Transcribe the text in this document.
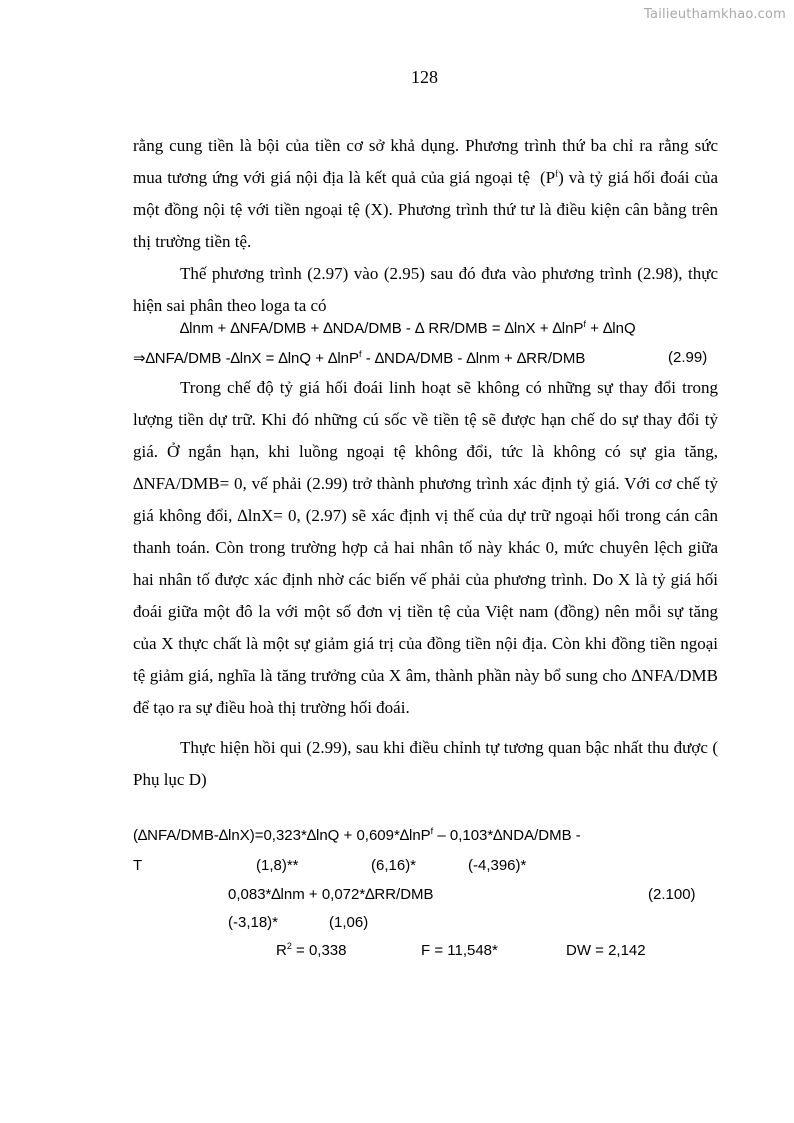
Tailieuthamkhao.com
128

rằng cung tiền là bội của tiền cơ sở khả dụng. Phương trình thứ ba chỉ ra rằng sức mua tương ứng với giá nội địa là kết quả của giá ngoại tệ $(P^f)$ và tỷ giá hối đoái của một đồng nội tệ với tiền ngoại tệ (X). Phương trình thứ tư là điều kiện cân bằng trên thị trường tiền tệ.

Thế phương trình (2.97) vào (2.95) sau đó đưa vào phương trình (2.98), thực hiện sai phân theo loga ta có

∆lnm + ∆NFA/DMB + ∆NDA/DMB - ∆ RR/DMB = ∆lnX + ∆lnP$^f$ + ∆lnQ
⇒∆NFA/DMB -∆lnX = ∆lnQ + ∆lnP$^f$ - ∆NDA/DMB - ∆lnm + ∆RR/DMB	(2.99)

Trong chế độ tỷ giá hối đoái linh hoạt sẽ không có những sự thay đổi trong lượng tiền dự trữ. Khi đó những cú sốc về tiền tệ sẽ được hạn chế do sự thay đổi tỷ giá. Ở ngắn hạn, khi luồng ngoại tệ không đổi, tức là không có sự gia tăng, ∆NFA/DMB= 0, vế phải (2.99) trở thành phương trình xác định tỷ giá. Với cơ chế tỷ giá không đổi, ∆lnX= 0, (2.97) sẽ xác định vị thế của dự trữ ngoại hối trong cán cân thanh toán. Còn trong trường hợp cả hai nhân tố này khác 0, mức chuyên lệch giữa hai nhân tố được xác định nhờ các biến vế phải của phương trình. Do X là tỷ giá hối đoái giữa một đô la với một số đơn vị tiền tệ của Việt nam (đồng) nên mỗi sự tăng của X thực chất là một sự giảm giá trị của đồng tiền nội địa. Còn khi đồng tiền ngoại tệ giảm giá, nghĩa là tăng trưởng của X âm, thành phần này bổ sung cho ∆NFA/DMB để tạo ra sự điều hoà thị trường hối đoái.

Thực hiện hồi qui (2.99), sau khi điều chỉnh tự tương quan bậc nhất thu được ( Phụ lục D)

(∆NFA/DMB-∆lnX)=0,323*∆lnQ + 0,609*∆lnP$^f$ – 0,103*∆NDA/DMB -
T	(1,8)**	(6,16)*	(-4,396)*
0,083*∆lnm + 0,072*∆RR/DMB	(2.100)
(-3,18)*	(1,06)
$R^2 = 0,338$	F = 11,548*	DW = 2,142
